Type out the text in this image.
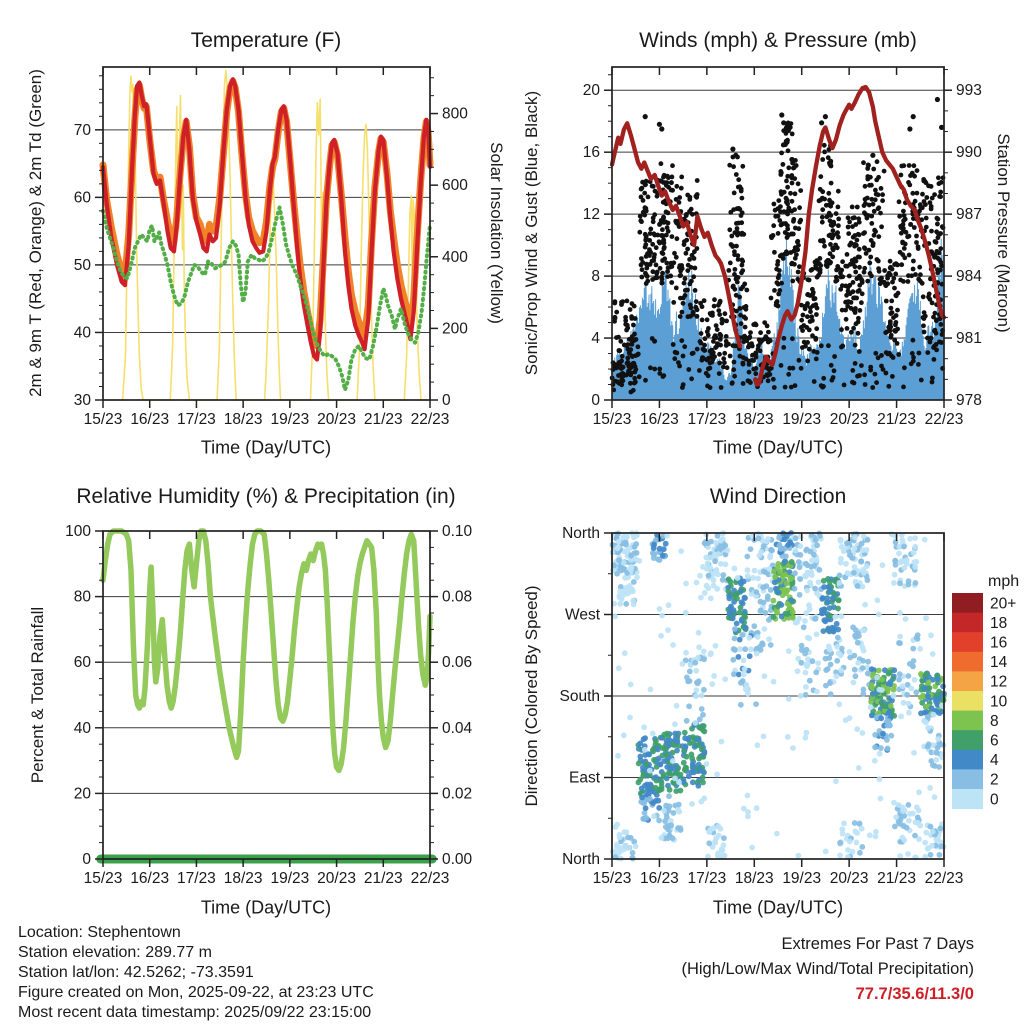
15/23 16/23 17/23 18/23 19/23 20/23 21/23 22/23
30
40
50
60
70
0
200
400
600
800
15/23 16/23 17/23 18/23 19/23 20/23 21/23 22/23
0
4
8
12
16
20
978
981
984
987
990
993
15/23 16/23 17/23 18/23 19/23 20/23 21/23 22/23
0
20
40
60
80
100
0.00
0.02
0.04
0.06
0.08
0.10
15/23 16/23 17/23 18/23 19/23 20/23 21/23 22/23
North
West
South
East
North
20+
18
16
14
12
10
8
6
4
2
0
Temperature (F)	Winds (mph) & Pressure (mb)
Relative Humidity (%) & Precipitation (in)	Wind Direction
Time (Day/UTC)	Time (Day/UTC)
Time (Day/UTC)	Time (Day/UTC)
2m & 9m T (Red, Orange) & 2m Td (Green)	Solar Insolation (Yellow) Sonic/Prop Wind & Gust (Blue, Black)	Station Pressure (Maroon)
Percent & Total Rainfall	Direction (Colored By Speed)
mph
Location: Stephentown
Station elevation: 289.77 m
Station lat/lon: 42.5262; -73.3591
Figure created on Mon, 2025-09-22, at 23:23 UTC
Most recent data timestamp: 2025/09/22 23:15:00
Extremes For Past 7 Days
(High/Low/Max Wind/Total Precipitation)
77.7/35.6/11.3/0
